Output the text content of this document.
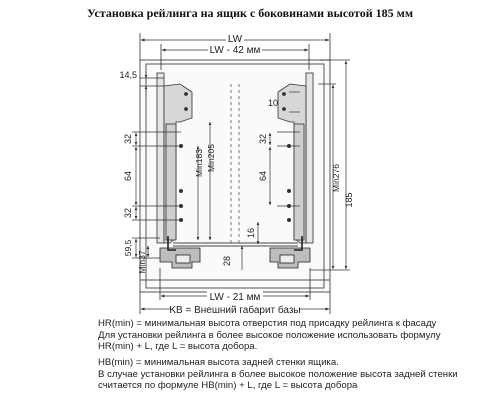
Установка рейлинга на ящик с боковинами высотой 185 мм
LW
LW - 42 мм
LW - 21 мм
KB = Внешний габарит базы
14,5
32
64
32
59,5
Min37
Min183 Min205
10
32
64
16
28
Min276
185

HR(min) = минимальная высота отверстия под присадку рейлинга к фасаду

Для установки рейлинга в более высокое положение использовать формулу

HR(min) + L, где L = высота добора.

HB(min) = минимальная высота задней стенки ящика.

В случае установки рейлинга в более высокое положение высота задней стенки

считается по формуле HB(min) + L, где L = высота добора
